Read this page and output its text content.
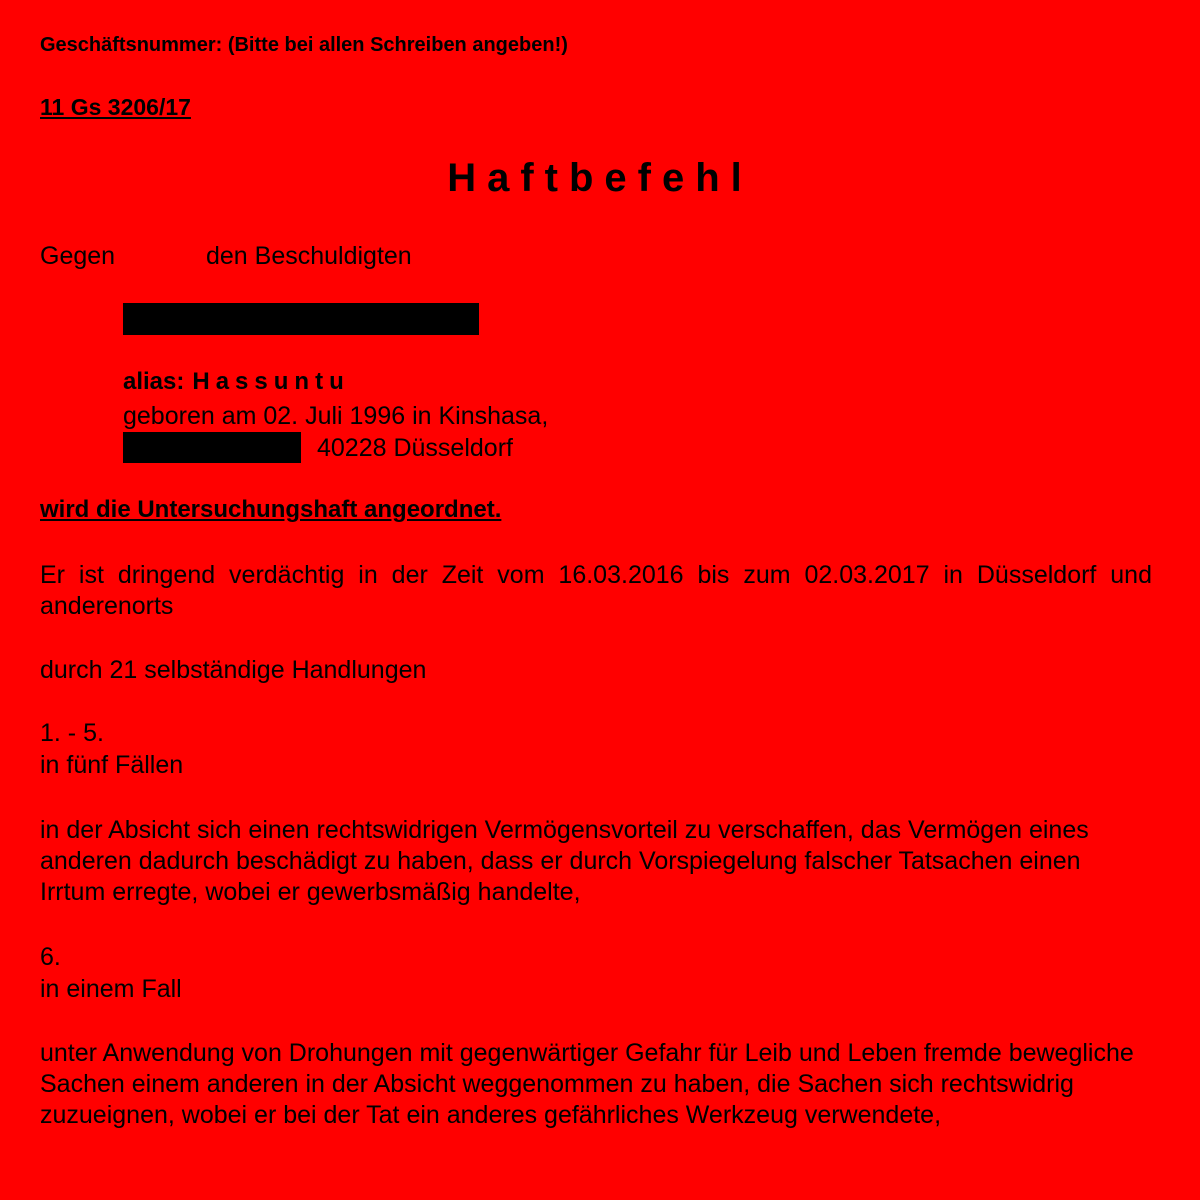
Geschäftsnummer: (Bitte bei allen Schreiben angeben!)
11 Gs 3206/17
Haftbefehl
Gegen	den Beschuldigten
alias: Hassuntu
geboren am 02. Juli 1996 in Kinshasa,
40228 Düsseldorf
wird die Untersuchungshaft angeordnet.
Er ist dringend verdächtig in der Zeit vom 16.03.2016 bis zum 02.03.2017 in Düsseldorf und anderenorts
durch 21 selbständige Handlungen
1. - 5.
in fünf Fällen
in der Absicht sich einen rechtswidrigen Vermögensvorteil zu verschaffen, das Vermögen eines anderen dadurch beschädigt zu haben, dass er durch Vorspiegelung falscher Tatsachen einen Irrtum erregte, wobei er gewerbsmäßig handelte,
6.
in einem Fall
unter Anwendung von Drohungen mit gegenwärtiger Gefahr für Leib und Leben fremde bewegliche Sachen einem anderen in der Absicht weggenommen zu haben, die Sachen sich rechtswidrig zuzueignen, wobei er bei der Tat ein anderes gefährliches Werkzeug verwendete,
